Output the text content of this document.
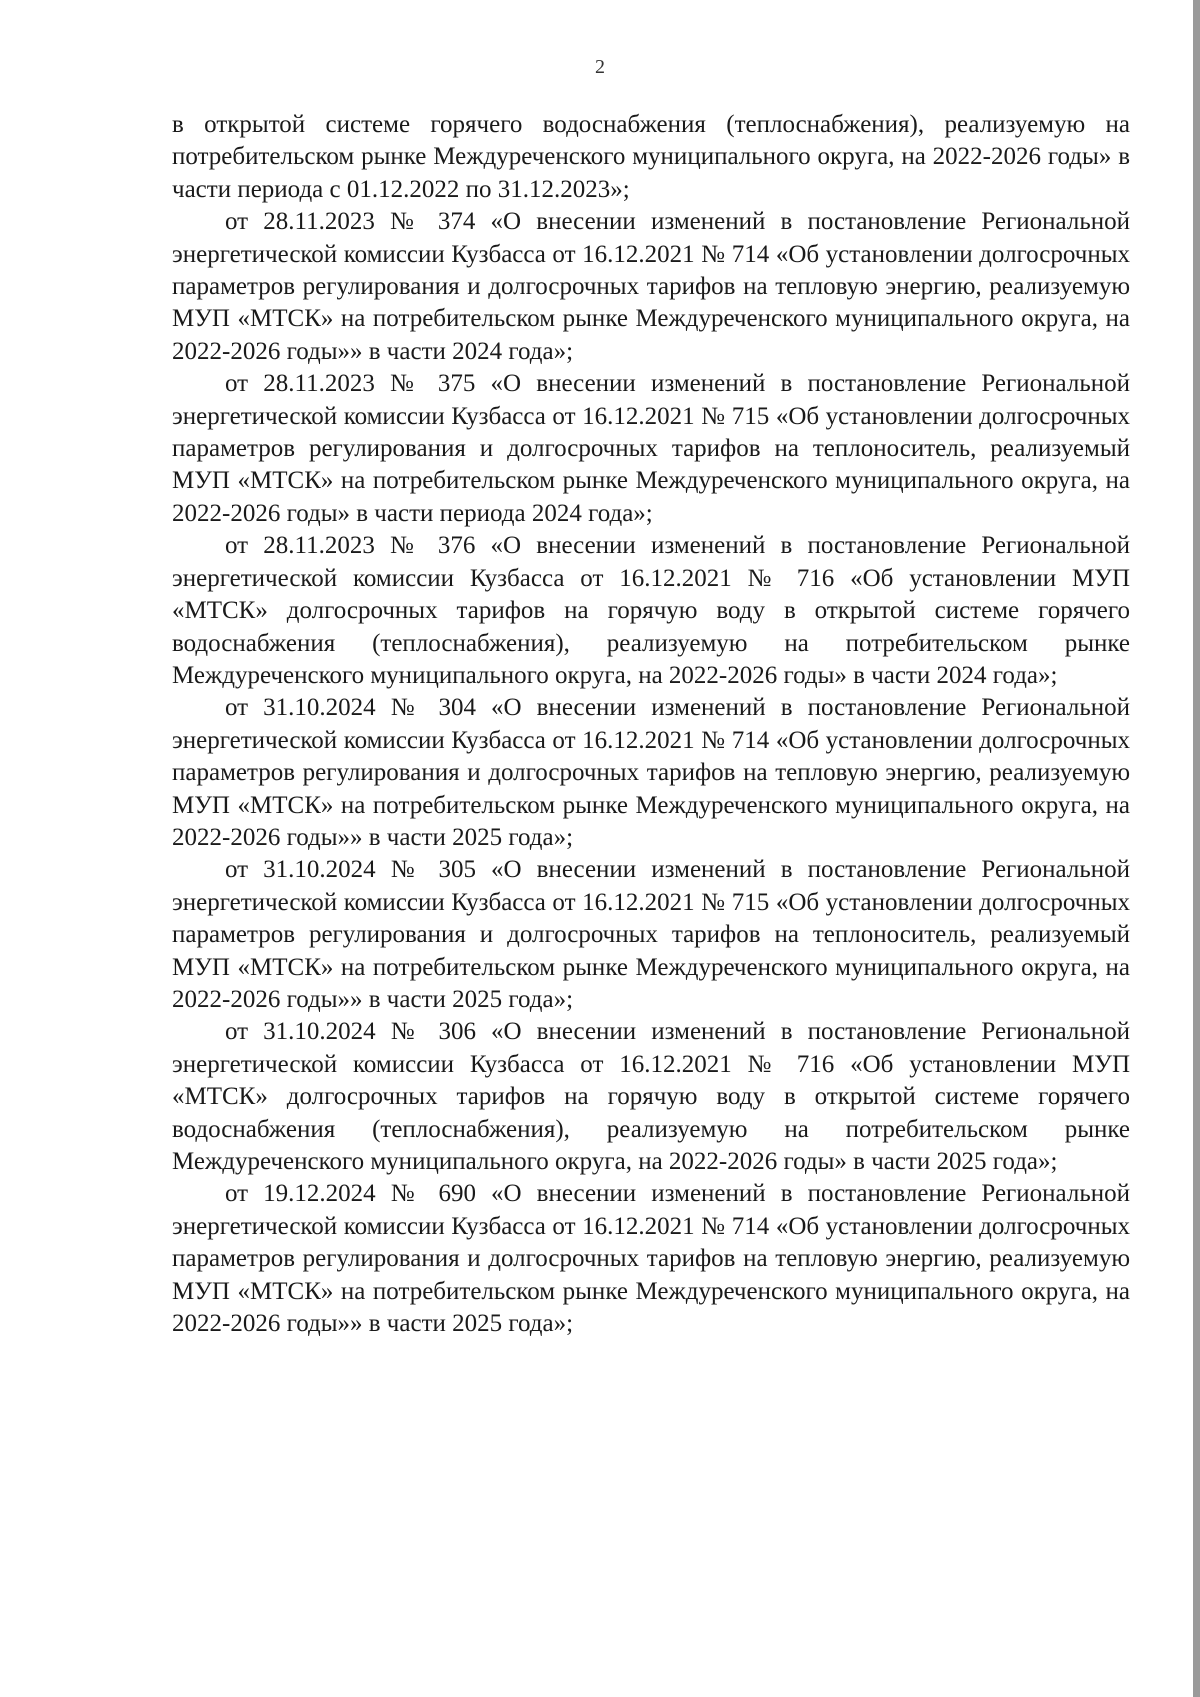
2

в открытой системе горячего водоснабжения (теплоснабжения), реализуемую на потребительском рынке Междуреченского муниципального округа, на 2022-2026 годы» в части периода с 01.12.2022 по 31.12.2023»;

от 28.11.2023 № 374 «О внесении изменений в постановление Региональной энергетической комиссии Кузбасса от 16.12.2021 № 714 «Об установлении долгосрочных параметров регулирования и долгосрочных тарифов на тепловую энергию, реализуемую МУП «МТСК» на потребительском рынке Междуреченского муниципального округа, на 2022-2026 годы»» в части 2024 года»;

от 28.11.2023 № 375 «О внесении изменений в постановление Региональной энергетической комиссии Кузбасса от 16.12.2021 № 715 «Об установлении долгосрочных параметров регулирования и долгосрочных тарифов на теплоноситель, реализуемый МУП «МТСК» на потребительском рынке Междуреченского муниципального округа, на 2022-2026 годы» в части периода 2024 года»;

от 28.11.2023 № 376 «О внесении изменений в постановление Региональной энергетической комиссии Кузбасса от 16.12.2021 № 716 «Об установлении МУП «МТСК» долгосрочных тарифов на горячую воду в открытой системе горячего водоснабжения (теплоснабжения), реализуемую на потребительском рынке Междуреченского муниципального округа, на 2022-2026 годы» в части 2024 года»;

от 31.10.2024 № 304 «О внесении изменений в постановление Региональной энергетической комиссии Кузбасса от 16.12.2021 № 714 «Об установлении долгосрочных параметров регулирования и долгосрочных тарифов на тепловую энергию, реализуемую МУП «МТСК» на потребительском рынке Междуреченского муниципального округа, на 2022-2026 годы»» в части 2025 года»;

от 31.10.2024 № 305 «О внесении изменений в постановление Региональной энергетической комиссии Кузбасса от 16.12.2021 № 715 «Об установлении долгосрочных параметров регулирования и долгосрочных тарифов на теплоноситель, реализуемый МУП «МТСК» на потребительском рынке Междуреченского муниципального округа, на 2022-2026 годы»» в части 2025 года»;

от 31.10.2024 № 306 «О внесении изменений в постановление Региональной энергетической комиссии Кузбасса от 16.12.2021 № 716 «Об установлении МУП «МТСК» долгосрочных тарифов на горячую воду в открытой системе горячего водоснабжения (теплоснабжения), реализуемую на потребительском рынке Междуреченского муниципального округа, на 2022-2026 годы» в части 2025 года»;

от 19.12.2024 № 690 «О внесении изменений в постановление Региональной энергетической комиссии Кузбасса от 16.12.2021 № 714 «Об установлении долгосрочных параметров регулирования и долгосрочных тарифов на тепловую энергию, реализуемую МУП «МТСК» на потребительском рынке Междуреченского муниципального округа, на 2022-2026 годы»» в части 2025 года»;
